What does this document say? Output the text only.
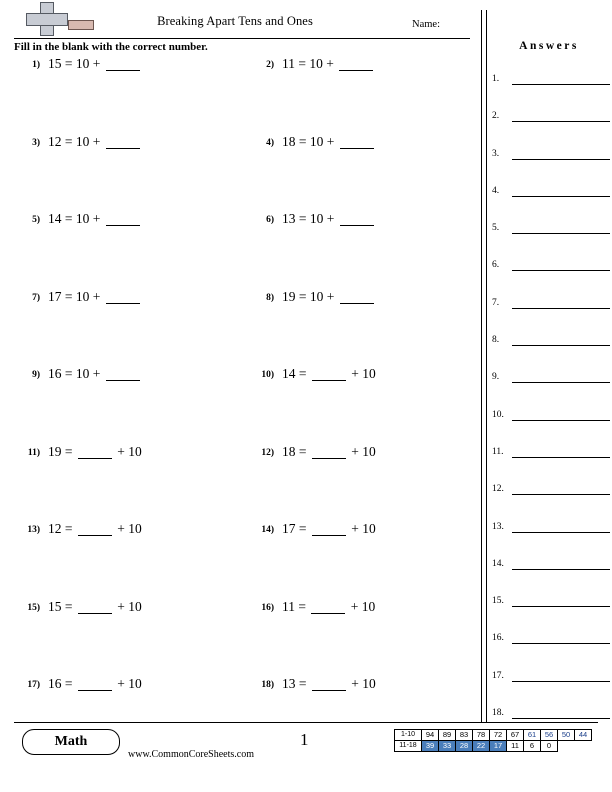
Breaking Apart Tens and Ones	Name:
Fill in the blank with the correct number.
1) 15 = 10 +	2) 11 = 10 +
3) 12 = 10 +	4) 18 = 10 +
5) 14 = 10 +	6) 13 = 10 +
7) 17 = 10 +	8) 19 = 10 +
9) 16 = 10 +	10) 14 =	+ 10
11) 19 =	+ 10	12) 18 =	+ 10
13) 12 =	+ 10	14) 17 =	+ 10
15) 15 =	+ 10	16) 11 =	+ 10
17) 16 =	+ 10	18) 13 =	+ 10
Answers
1.
2.
3.
4.
5.
6.
7.
8.
9.
10.
11.
12.
13.
14.
15.
16.
17.
18.
Math
www.CommonCoreSheets.com
1	1-10	94	89	83	78	72	67	61	56	50	44
11-18	39	33	28	22	17	11	6	0		
